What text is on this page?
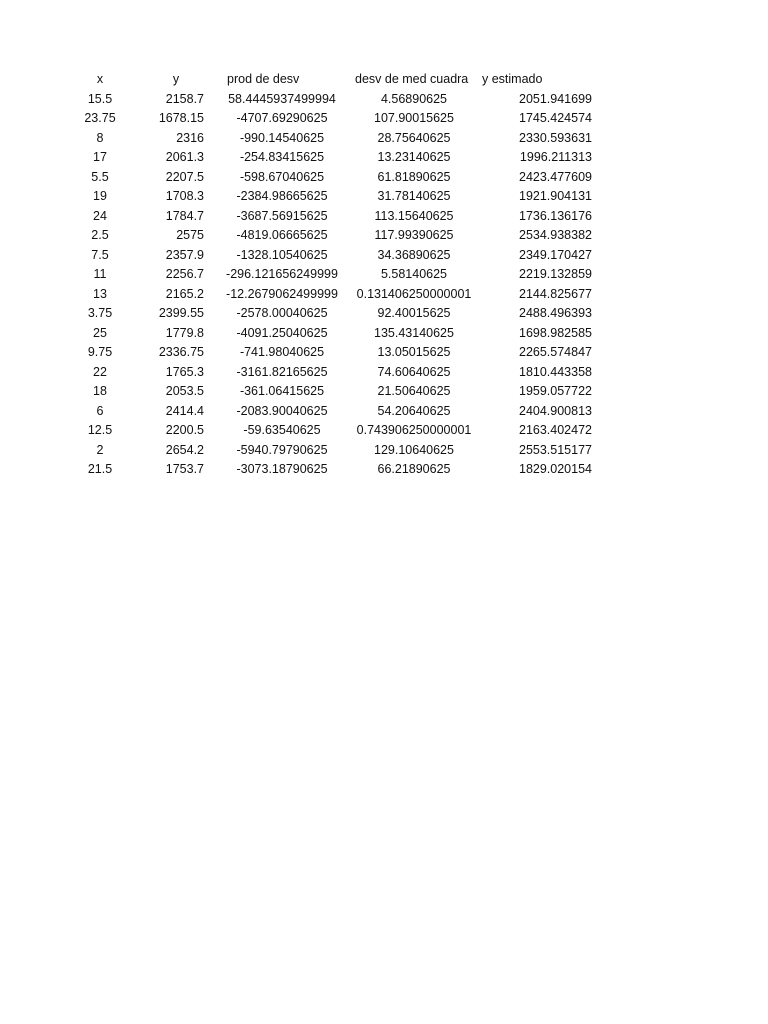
x	y	prod de desv	desv de med cuadra	y estimado
15.5	2158.7	58.4445937499994	4.56890625	2051.941699
23.75	1678.15	-4707.69290625	107.90015625	1745.424574
8	2316	-990.14540625	28.75640625	2330.593631
17	2061.3	-254.83415625	13.23140625	1996.211313
5.5	2207.5	-598.67040625	61.81890625	2423.477609
19	1708.3	-2384.98665625	31.78140625	1921.904131
24	1784.7	-3687.56915625	113.15640625	1736.136176
2.5	2575	-4819.06665625	117.99390625	2534.938382
7.5	2357.9	-1328.10540625	34.36890625	2349.170427
11	2256.7	-296.121656249999	5.58140625	2219.132859
13	2165.2	-12.2679062499999	0.131406250000001	2144.825677
3.75	2399.55	-2578.00040625	92.40015625	2488.496393
25	1779.8	-4091.25040625	135.43140625	1698.982585
9.75	2336.75	-741.98040625	13.05015625	2265.574847
22	1765.3	-3161.82165625	74.60640625	1810.443358
18	2053.5	-361.06415625	21.50640625	1959.057722
6	2414.4	-2083.90040625	54.20640625	2404.900813
12.5	2200.5	-59.63540625	0.743906250000001	2163.402472
2	2654.2	-5940.79790625	129.10640625	2553.515177
21.5	1753.7	-3073.18790625	66.21890625	1829.020154
